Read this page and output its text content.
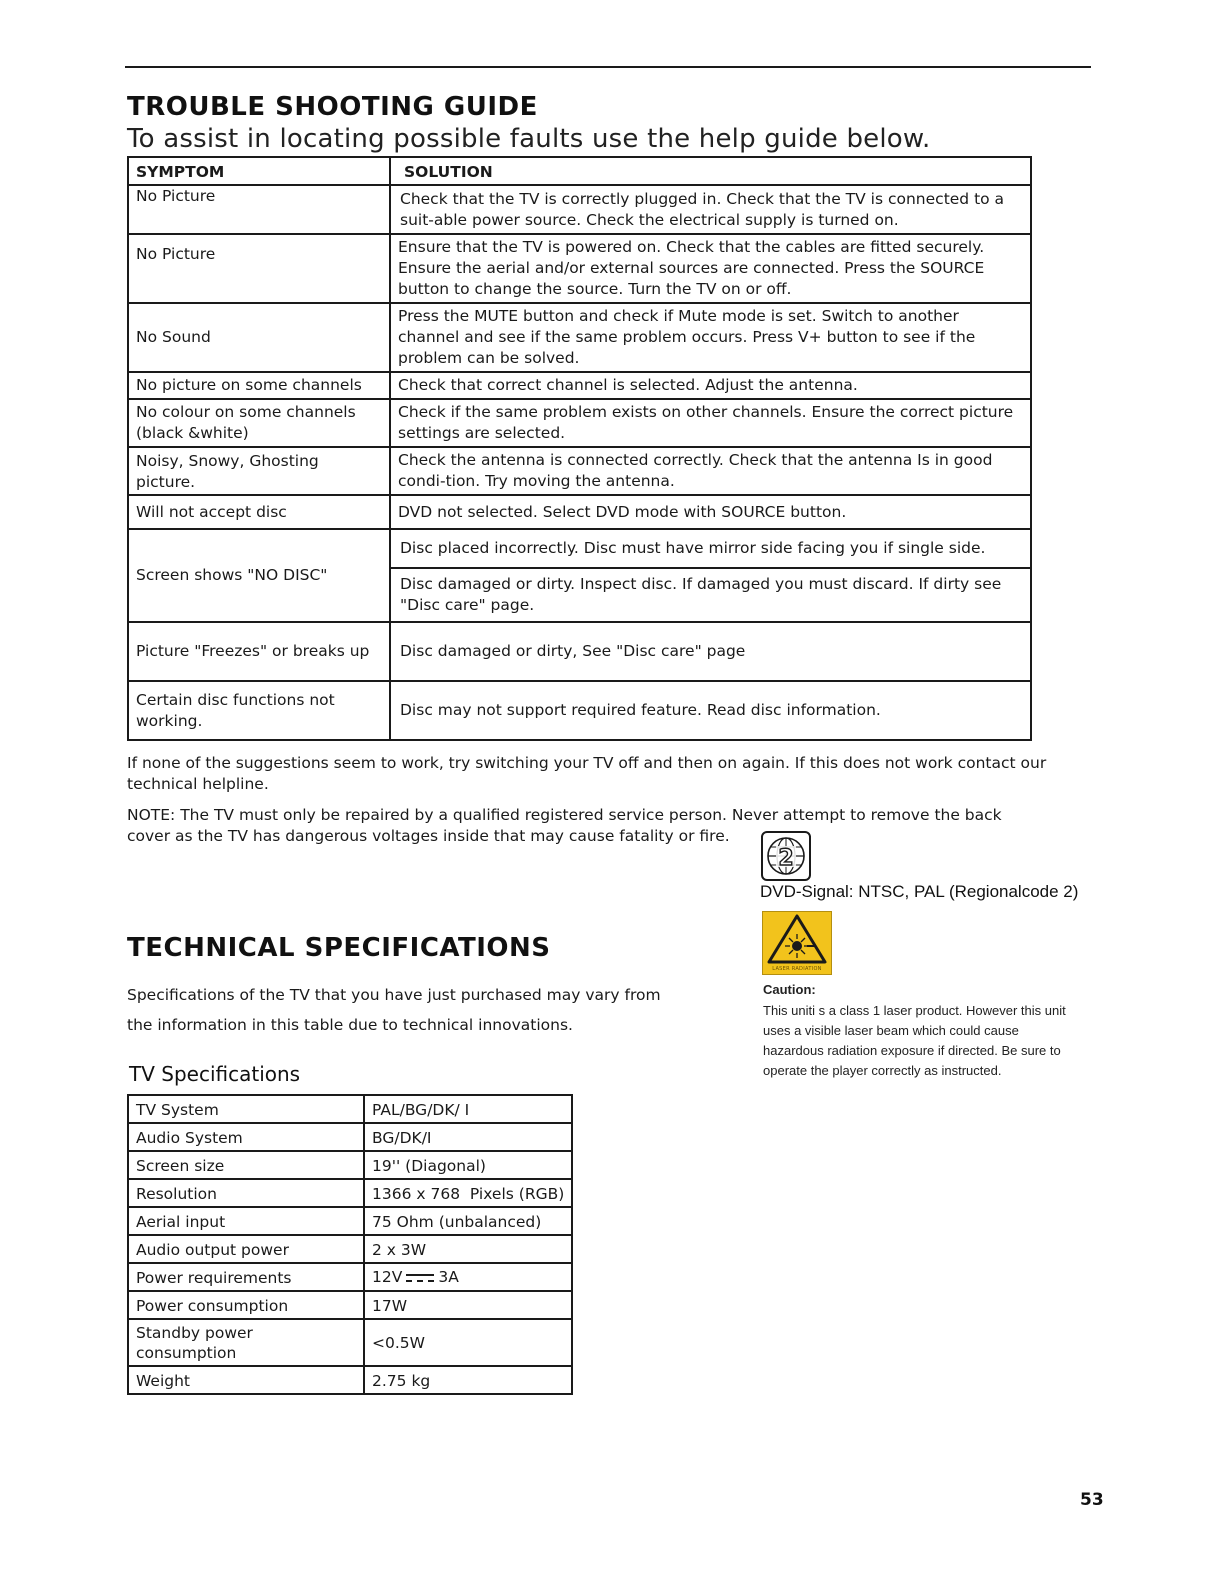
TROUBLE SHOOTING GUIDE
To assist in locating possible faults use the help guide below.
SYMPTOM	SOLUTION
No Picture	Check that the TV is correctly plugged in. Check that the TV is connected to a suit-able power source. Check the electrical supply is turned on.
No Picture	Ensure that the TV is powered on. Check that the cables are fitted securely. Ensure the aerial and/or external sources are connected. Press the SOURCE button to change the source. Turn the TV on or off.
No Sound	Press the MUTE button and check if Mute mode is set. Switch to another channel and see if the same problem occurs. Press V+ button to see if the problem can be solved.
No picture on some channels	Check that correct channel is selected. Adjust the antenna.
No colour on some channels (black &white)	Check if the same problem exists on other channels. Ensure the correct picture settings are selected.
Noisy, Snowy, Ghosting picture.	Check the antenna is connected correctly. Check that the antenna Is in good condi-tion. Try moving the antenna.
Will not accept disc	DVD not selected. Select DVD mode with SOURCE button.
Screen shows "NO DISC"	Disc placed incorrectly. Disc must have mirror side facing you if single side.
	Disc damaged or dirty. Inspect disc. If damaged you must discard. If dirty see "Disc care" page.
Picture "Freezes" or breaks up	Disc damaged or dirty, See "Disc care" page
Certain disc functions not working.	Disc may not support required feature. Read disc information.
If none of the suggestions seem to work, try switching your TV off and then on again. If this does not work contact our technical helpline.
NOTE: The TV must only be repaired by a qualified registered service person. Never attempt to remove the back cover as the TV has dangerous voltages inside that may cause fatality or fire.
2
DVD-Signal: NTSC, PAL (Regionalcode 2)
LASER RADIATION
Caution:
This uniti s a class 1 laser product. However this unit uses a visible laser beam which could cause hazardous radiation exposure if directed. Be sure to operate the player correctly as instructed.
TECHNICAL SPECIFICATIONS
Specifications of the TV that you have just purchased may vary from the information in this table due to technical innovations.
TV Specifications
TV System	PAL/BG/DK/ I
Audio System	BG/DK/I
Screen size	19'' (Diagonal)
Resolution	1366 x 768  Pixels (RGB)
Aerial input	75 Ohm (unbalanced)
Audio output power	2 x 3W
Power requirements	12V 3A
Power consumption	17W
Standby power consumption	<0.5W
Weight	2.75 kg
53
